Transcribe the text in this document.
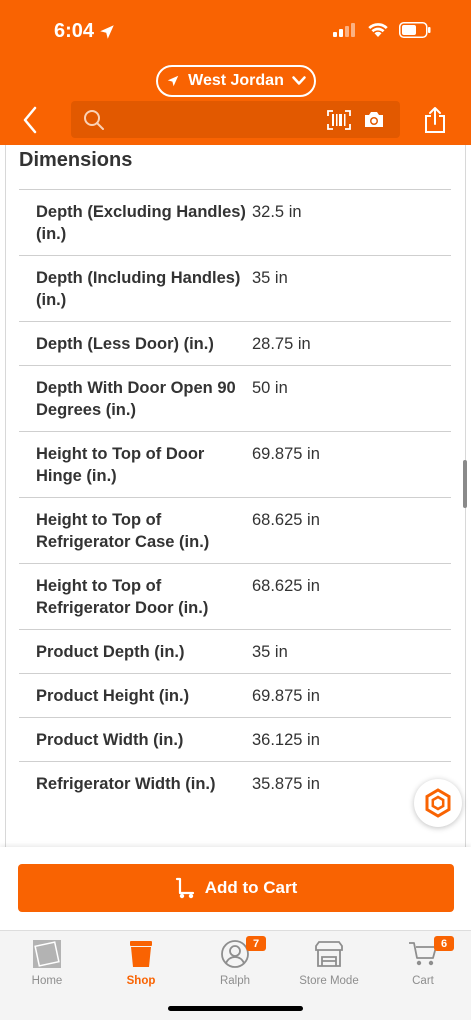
6:04
West Jordan
Dimensions
Depth (Excluding Handles) (in.)	32.5 in
Depth (Including Handles) (in.)	35 in
Depth (Less Door) (in.)	28.75 in
Depth With Door Open 90 Degrees (in.)	50 in
Height to Top of Door Hinge (in.)	69.875 in
Height to Top of Refrigerator Case (in.)	68.625 in
Height to Top of Refrigerator Door (in.)	68.625 in
Product Depth (in.)	35 in
Product Height (in.)	69.875 in
Product Width (in.)	36.125 in
Refrigerator Width (in.)	35.875 in
Add to Cart
Home	Shop
7
Ralph	Store Mode
6
Cart
